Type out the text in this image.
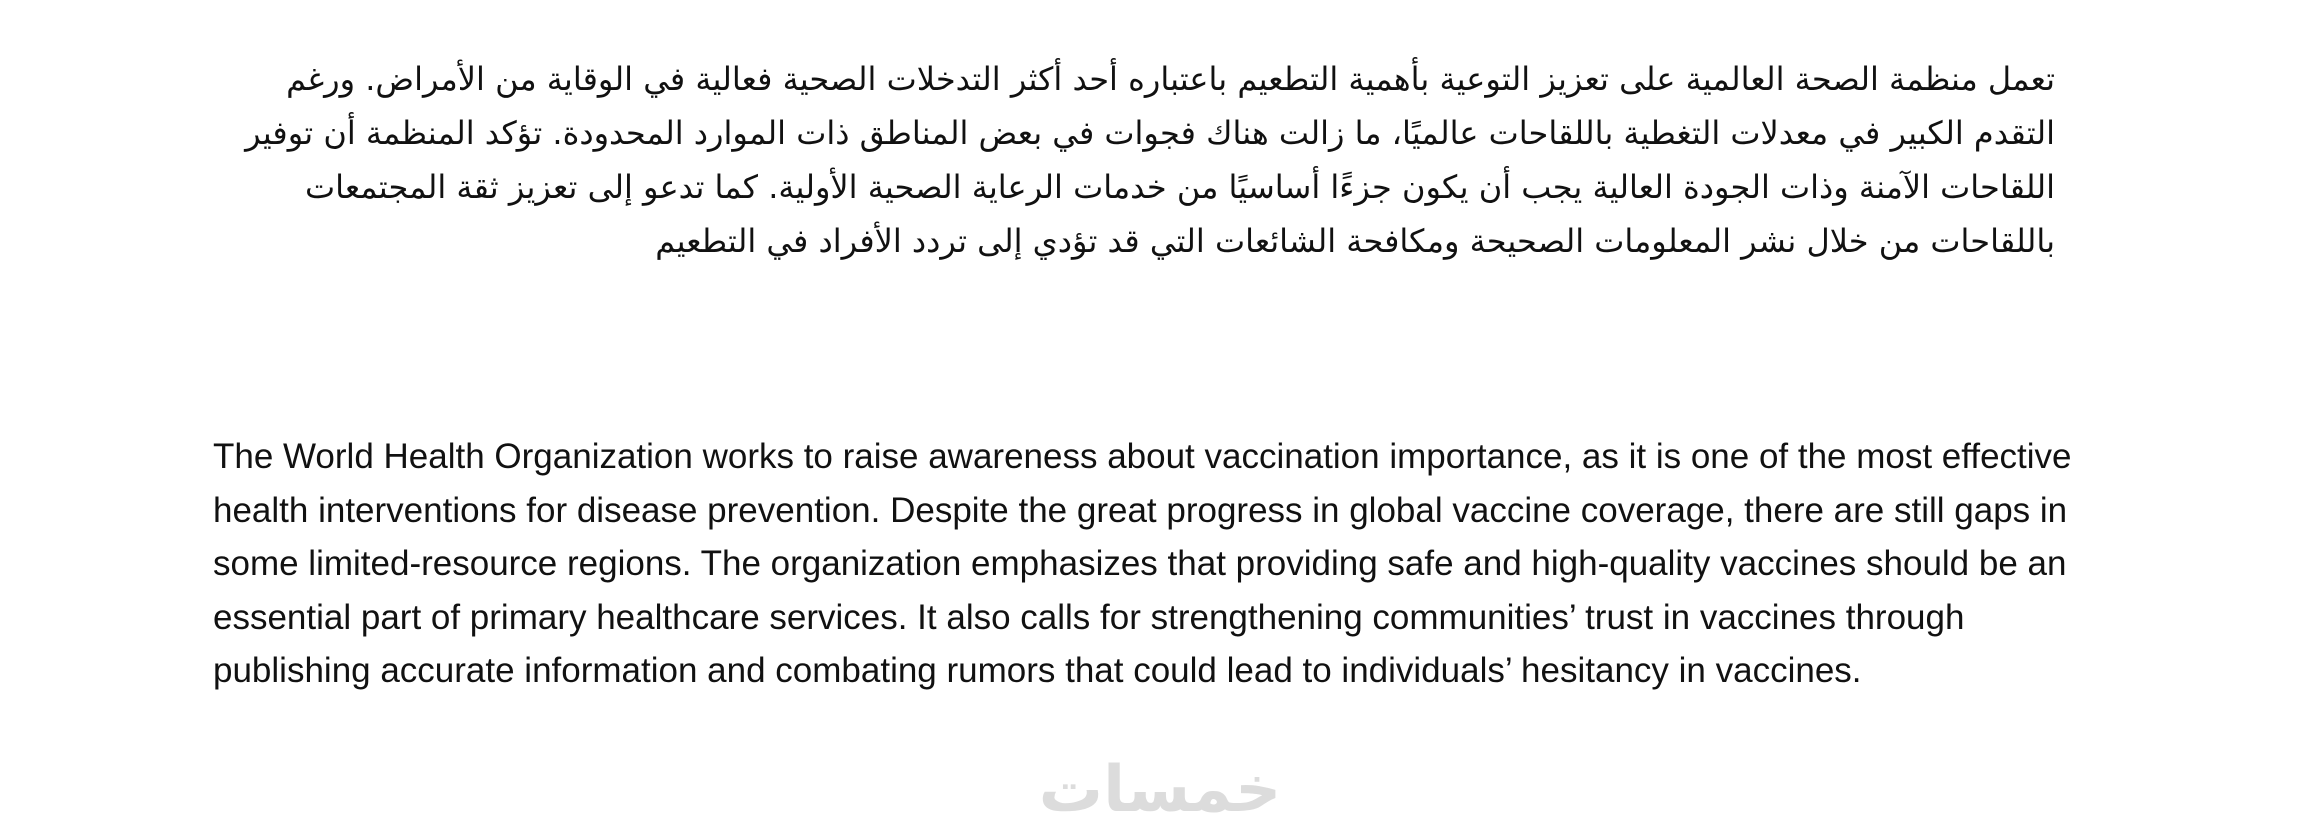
تعمل منظمة الصحة العالمية على تعزيز التوعية بأهمية التطعيم باعتباره أحد أكثر التدخلات الصحية فعالية في الوقاية من الأمراض. ورغم التقدم الكبير في معدلات التغطية باللقاحات عالميًا، ما زالت هناك فجوات في بعض المناطق ذات الموارد المحدودة. تؤكد المنظمة أن توفير اللقاحات الآمنة وذات الجودة العالية يجب أن يكون جزءًا أساسيًا من خدمات الرعاية الصحية الأولية. كما تدعو إلى تعزيز ثقة المجتمعات باللقاحات من خلال نشر المعلومات الصحيحة ومكافحة الشائعات التي قد تؤدي إلى تردد الأفراد في التطعيم

The World Health Organization works to raise awareness about vaccination importance, as it is one of the most effective health interventions for disease prevention. Despite the great progress in global vaccine coverage, there are still gaps in some limited-resource regions. The organization emphasizes that providing safe and high-quality vaccines should be an essential part of primary healthcare services. It also calls for strengthening communities’ trust in vaccines through publishing accurate information and combating rumors that could lead to individuals’ hesitancy in vaccines.

خمسات
